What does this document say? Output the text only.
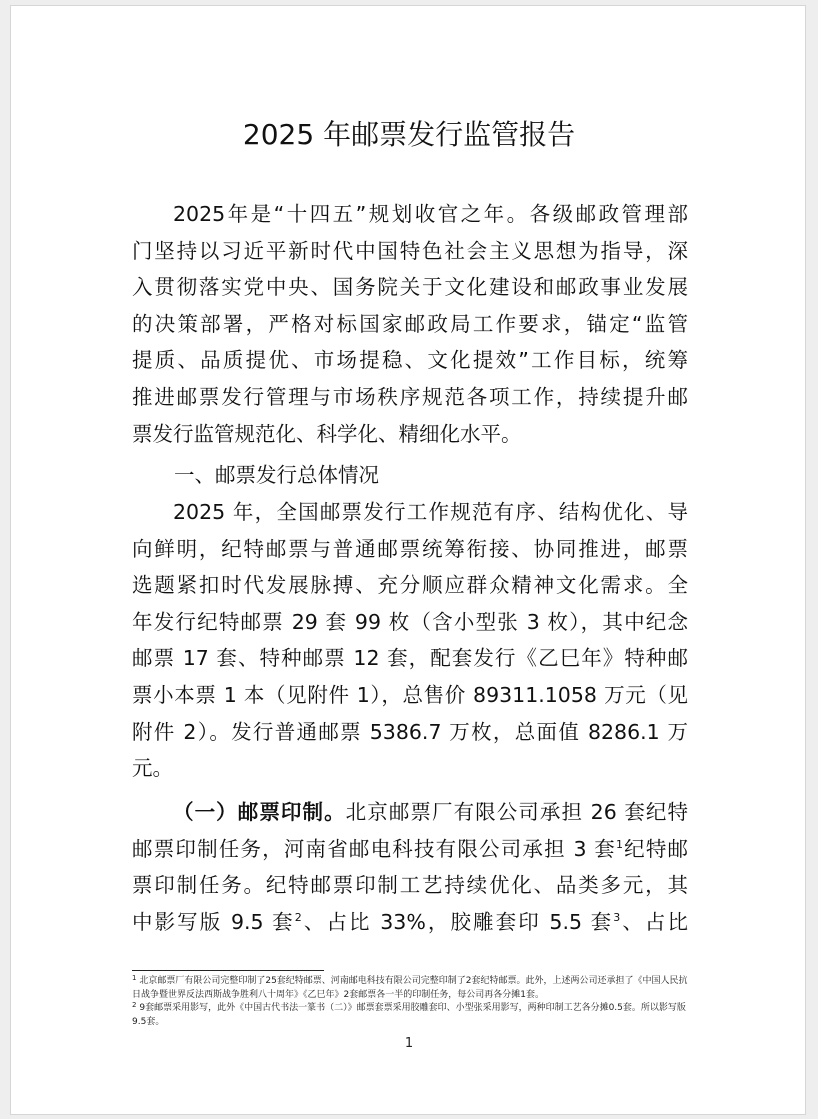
2025 年邮票发行监管报告
2025年是“十四五”规划收官之年。各级邮政管理部
门坚持以习近平新时代中国特色社会主义思想为指导，深
入贯彻落实党中央、国务院关于文化建设和邮政事业发展
的决策部署，严格对标国家邮政局工作要求，锚定“监管
提质、品质提优、市场提稳、文化提效”工作目标，统筹
推进邮票发行管理与市场秩序规范各项工作，持续提升邮
票发行监管规范化、科学化、精细化水平。
一、邮票发行总体情况
2025 年，全国邮票发行工作规范有序、结构优化、导
向鲜明，纪特邮票与普通邮票统筹衔接、协同推进，邮票
选题紧扣时代发展脉搏、充分顺应群众精神文化需求。全
年发行纪特邮票 29 套 99 枚（含小型张 3 枚），其中纪念
邮票 17 套、特种邮票 12 套，配套发行《乙巳年》特种邮
票小本票 1 本（见附件 1），总售价 89311.1058 万元（见
附件 2）。发行普通邮票 5386.7 万枚，总面值 8286.1 万
元。
（一）邮票印制。北京邮票厂有限公司承担 26 套纪特
邮票印制任务，河南省邮电科技有限公司承担 3 套$^1$纪特邮
票印制任务。纪特邮票印制工艺持续优化、品类多元，其
中影写版 9.5 套$^2$、占比 33%，胶雕套印 5.5 套$^3$、占比

$^1$ 北京邮票厂有限公司完整印制了25套纪特邮票、河南邮电科技有限公司完整印制了2套纪特邮票。此外，上述两公司还承担了《中国人民抗日战争暨世界反法西斯战争胜利八十周年》《乙巳年》2套邮票各一半的印制任务，每公司再各分摊1套。

$^2$ 9套邮票采用影写，此外《中国古代书法一篆书（二）》邮票套票采用胶雕套印、小型张采用影写，两种印制工艺各分摊0.5套。所以影写版9.5套。

1
